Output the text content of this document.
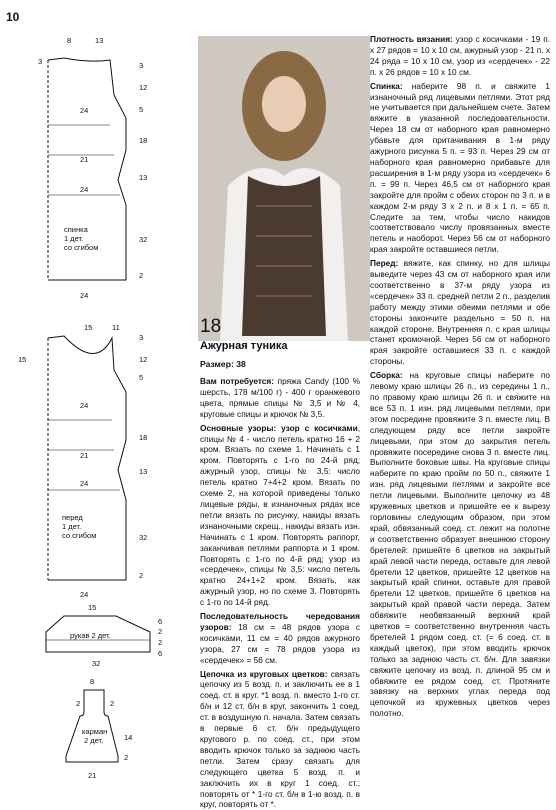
10
8	13
3	3
12
5
18
13
32
2
24
21
24
24
спинка 1 дет. со сгибом
15	11
15
3
12
5
18
13
32
2
24
21
24
24
перед 1 дет. со сгибом
15
6
2
2
6
32
рукав 2 дет.
8
2	2
14
2
21
карман 2 дет.
18
Ажурная туника
Размер: 38

Вам потребуется: пряжа Candy (100 % шерсть, 178 м/100 г) - 400 г оранжевого цвета, прямые спицы № 3,5 и № 4, круговые спицы и крючок № 3,5.

Основные узоры: узор с косичками, спицы № 4 - число петель кратно 16 + 2 кром. Вязать по схеме 1. Начинать с 1 кром. Повторять с 1-го по 24-й ряд; ажурный узор, спицы № 3,5: число петель кратно 7+4+2 кром. Вязать по схеме 2, на которой приведены только лицевые ряды, в изнаночных рядах все петли вязать по рисунку, накиды вязать изнаночными скрещ., накиды вязать изн. Начинать с 1 кром. Повторять раппорт, заканчивая петлями раппорта и 1 кром. Повторять с 1-го по 4-й ряд; узор из «сердечек», спицы № 3,5: число петель кратно 24+1+2 кром. Вязать, как ажурный узор, но по схеме 3. Повторять с 1-го по 14-й ряд.

Последовательность чередования узоров: 18 см = 48 рядов узора с косичками, 11 см = 40 рядов ажурного узора, 27 см = 78 рядов узора из «сердечек» = 56 см.

Цепочка из круговых цветков: связать цепочку из 5 возд. п. и заключить ее в 1 соед. ст. в круг. *1 возд. п. вместо 1-го ст. б/н и 12 ст. б/н в круг, закончить 1 соед. ст. в воздушную п. начала. Затем связать в первые 6 ст. б/н предыдущего кругового р. по соед. ст., при этом вводить крючок только за заднюю часть петли. Затем сразу связать для следующего цветка 5 возд. п. и заключить их в круг 1 соед. ст.; повторять от * 1-го ст. б/н в 1-ю возд. п. в круг, повторять от *.

Плотность вязания: узор с косичками - 19 п. х 27 рядов = 10 х 10 см, ажурный узор - 21 п. х 24 ряда = 10 х 10 см, узор из «сердечек» - 22 п. х 26 рядов = 10 х 10 см.

Спинка: наберите 98 п. и свяжите 1 изнаночный ряд лицевыми петлями. Этот ряд не учитывается при дальнейшем счете. Затем вяжите в указанной последовательности. Через 18 см от наборного края равномерно убавьте для притачивания в 1-м ряду ажурного рисунка 5 п. = 93 п. Через 29 см от наборного края равномерно прибавьте для расширения в 1-м ряду узора из «сердечек» 6 п. = 99 п. Через 46,5 см от наборного края закройте для пройм с обеих сторон по 3 п. и в каждом 2-м ряду 3 х 2 п. и 8 х 1 п. = 65 п. Следите за тем, чтобы число накидов соответствовало числу провязанных вместе петель и наоборот. Через 56 см от наборного края закройте оставшиеся петли.

Перед: вяжите, как спинку, но для шлицы выведите через 43 см от наборного края или соответственно в 37-м ряду узора из «сердечек» 33 п. средней петли 2 п., разделив работу между этими обеими петлями и обе стороны закончите раздельно = 50 п. на каждой стороне. Внутренняя п. с края шлицы станет кромочной. Через 56 см от наборного края закройте оставшиеся 33 п. с каждой стороны.

Сборка: на круговые спицы наберите по левому краю шлицы 26 п., из середины 1 п., по правому краю шлицы 26 п. и свяжите на все 53 п. 1 изн. ряд лицевыми петлями, при этом посредине провяжите 3 п. вместе лиц. В следующем ряду все петли закройте лицевыми, при этом до закрытия петель провяжите посередине снова 3 п. вместе лиц. Выполните боковые швы. На круговые спицы наберите по краю пройм по 50 п., свяжите 1 изн. ряд лицевыми петлями и закройте все петли лицевыми. Выполните цепочку из 48 кружевных цветков и пришейте ее к вырезу горловины следующим образом, при этом край, обвязанный соед. ст. лежит на полотне и соответственно образует внешнюю сторону бретелей: пришейте 6 цветков на закрытый край левой части переда, оставьте для левой бретели 12 цветков, пришейте 12 цветков на закрытый край спинки, оставьте для правой бретели 12 цветков, пришейте 6 цветков на закрытый край правой части переда. Затем обвяжите необвязанный верхний край цветков = соответственно внутренняя часть бретелей 1 рядом соед. ст. (= 6 соед. ст. в каждый цветок), при этом вводить крючок только за заднюю часть ст. б/н. Для завязки свяжите цепочку из возд. п. длиной 95 см и обвяжите ее рядом соед. ст. Протяните завязку на верхних углах переда под цепочкой из кружевных цветков через полотно.
